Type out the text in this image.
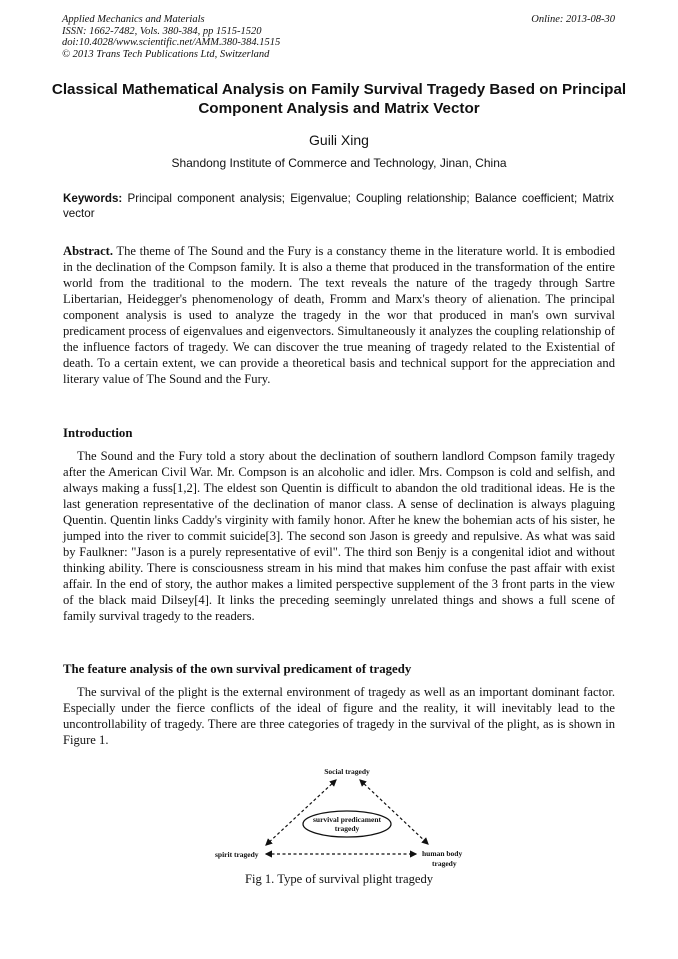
Applied Mechanics and Materials
ISSN: 1662-7482, Vols. 380-384, pp 1515-1520
doi:10.4028/www.scientific.net/AMM.380-384.1515
© 2013 Trans Tech Publications Ltd, Switzerland
Online: 2013-08-30
Classical Mathematical Analysis on Family Survival Tragedy Based on Principal Component Analysis and Matrix Vector
Guili Xing
Shandong Institute of Commerce and Technology, Jinan, China
Keywords: Principal component analysis; Eigenvalue; Coupling relationship; Balance coefficient; Matrix vector
Abstract. The theme of The Sound and the Fury is a constancy theme in the literature world. It is embodied in the declination of the Compson family. It is also a theme that produced in the transformation of the entire world from the traditional to the modern. The text reveals the nature of the tragedy through Sartre Libertarian, Heidegger's phenomenology of death, Fromm and Marx's theory of alienation. The principal component analysis is used to analyze the tragedy in the wor that produced in man's own survival predicament process of eigenvalues and eigenvectors. Simultaneously it analyzes the coupling relationship of the influence factors of tragedy. We can discover the true meaning of tragedy related to the Existential of death. To a certain extent, we can provide a theoretical basis and technical support for the appreciation and literary value of The Sound and the Fury.
Introduction
The Sound and the Fury told a story about the declination of southern landlord Compson family tragedy after the American Civil War. Mr. Compson is an alcoholic and idler. Mrs. Compson is cold and selfish, and always making a fuss[1,2]. The eldest son Quentin is difficult to abandon the old traditional ideas. He is the last generation representative of the declination of manor class. A sense of declination is always plaguing Quentin. Quentin links Caddy's virginity with family honor. After he knew the bohemian acts of his sister, he jumped into the river to commit suicide[3]. The second son Jason is greedy and repulsive. As what was said by Faulkner: "Jason is a purely representative of evil". The third son Benjy is a congenital idiot and without thinking ability. There is consciousness stream in his mind that makes him confuse the past affair with exist affair. In the end of story, the author makes a limited perspective supplement of the 3 front parts in the view of the black maid Dilsey[4]. It links the preceding seemingly unrelated things and shows a full scene of family survival tragedy to the readers.
The feature analysis of the own survival predicament of tragedy
The survival of the plight is the external environment of tragedy as well as an important dominant factor. Especially under the fierce conflicts of the ideal of figure and the reality, it will inevitably lead to the uncontrollability of tragedy. There are three categories of tragedy in the survival of the plight, as is shown in Figure 1.
Social tragedy
survival predicament
tragedy
spirit tragedy	human body
tragedy
Fig 1. Type of survival plight tragedy
